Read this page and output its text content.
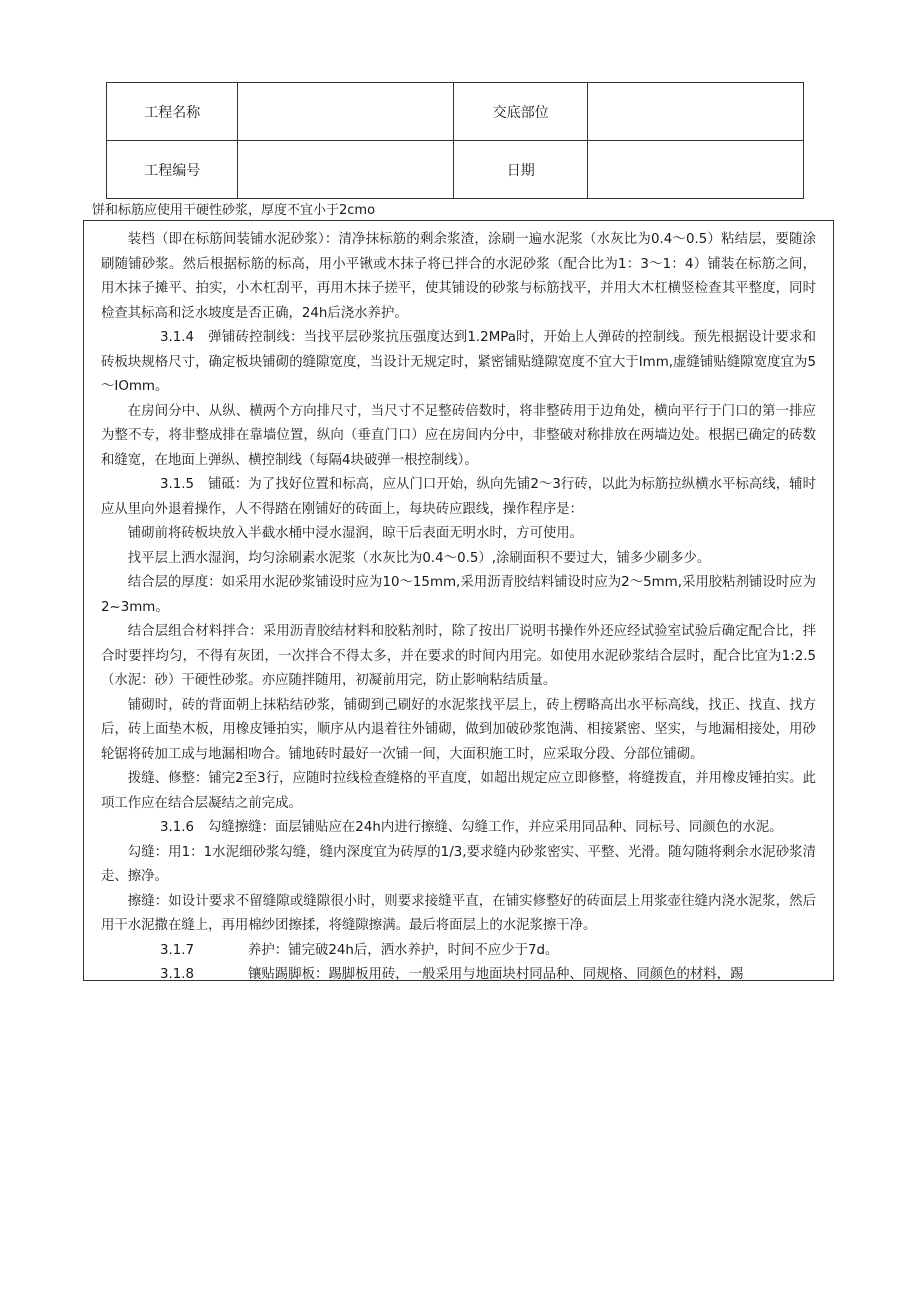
工程名称		交底部位	
工程编号		日期	
饼和标筋应使用干硬性砂浆，厚度不宜小于2cmo

装档（即在标筋间装铺水泥砂浆）：清净抹标筋的剩余浆渣，涂刷一遍水泥浆（水灰比为0.4～0.5）粘结层，要随涂刷随铺砂浆。然后根据标筋的标高，用小平锹或木抹子将已拌合的水泥砂浆（配合比为1：3～1：4）铺装在标筋之间，用木抹子摊平、拍实，小木杠刮平，再用木抹子搓平，使其铺设的砂浆与标筋找平，并用大木杠横竖检查其平整度，同时检查其标高和泛水坡度是否正确，24h后浇水养护。

3.1.4 弹铺砖控制线：当找平层砂浆抗压强度达到1.2MPa时，开始上人弹砖的控制线。预先根据设计要求和砖板块规格尺寸，确定板块铺砌的缝隙宽度，当设计无规定时，紧密铺贴缝隙宽度不宜大于Imm,虚缝铺贴缝隙宽度宜为5～IOmm。

在房间分中、从纵、横两个方向排尺寸，当尺寸不足整砖倍数时，将非整砖用于边角处，横向平行于门口的第一排应为整不专，将非整成排在靠墙位置，纵向（垂直门口）应在房间内分中，非整破对称排放在两墙边处。根据已确定的砖数和缝宽，在地面上弹纵、横控制线（每隔4块破弹一根控制线）。

3.1.5 铺砥：为了找好位置和标高，应从门口开始，纵向先铺2～3行砖，以此为标筋拉纵横水平标高线，辅时应从里向外退着操作，人不得踏在刚铺好的砖面上，每块砖应跟线，操作程序是：

铺砌前将砖板块放入半截水桶中浸水湿润，晾干后表面无明水时，方可使用。

找平层上洒水湿润，均匀涂刷素水泥浆（水灰比为0.4～0.5）,涂刷面积不要过大，铺多少刷多少。

结合层的厚度：如采用水泥砂浆铺设时应为10～15mm,采用沥青胶结料铺设时应为2～5mm,采用胶粘剂铺设时应为2~3mm。

结合层组合材料拌合：采用沥青胶结材料和胶粘剂时，除了按出厂说明书操作外还应经试验室试验后确定配合比，拌合时要拌均匀，不得有灰团，一次拌合不得太多，并在要求的时间内用完。如使用水泥砂浆结合层时，配合比宜为1:2.5（水泥：砂）干硬性砂浆。亦应随拌随用，初凝前用完，防止影响粘结质量。

铺砌时，砖的背面朝上抹粘结砂浆，铺砌到己刷好的水泥浆找平层上，砖上楞略高出水平标高线，找正、找直、找方后，砖上面垫木板，用橡皮锤拍实，顺序从内退着往外铺砌，做到加破砂浆饱满、相接紧密、坚实，与地漏相接处，用砂轮锯将砖加工成与地漏相吻合。铺地砖时最好一次铺一间，大面积施工时，应采取分段、分部位铺砌。

拨缝、修整：铺完2至3行，应随时拉线检查缝格的平直度，如超出规定应立即修整，将缝拨直，并用橡皮锤拍实。此项工作应在结合层凝结之前完成。

3.1.6 勾缝擦缝：面层铺贴应在24h内进行擦缝、勾缝工作，并应采用同品种、同标号、同颜色的水泥。

勾缝：用1：1水泥细砂浆勾缝，缝内深度宜为砖厚的1/3,要求缝内砂浆密实、平整、光滑。随勾随将剩余水泥砂浆清走、擦净。

擦缝：如设计要求不留缝隙或缝隙很小时，则要求接缝平直，在铺实修整好的砖面层上用浆壶往缝内浇水泥浆，然后用干水泥撒在缝上，再用棉纱团擦揉，将缝隙擦满。最后将面层上的水泥浆擦干净。

3.1.7	养护：铺完破24h后，洒水养护，时间不应少于7d。

3.1.8	镶贴踢脚板：踢脚板用砖，一般采用与地面块村同品种、同规格、同颜色的材料，踢
